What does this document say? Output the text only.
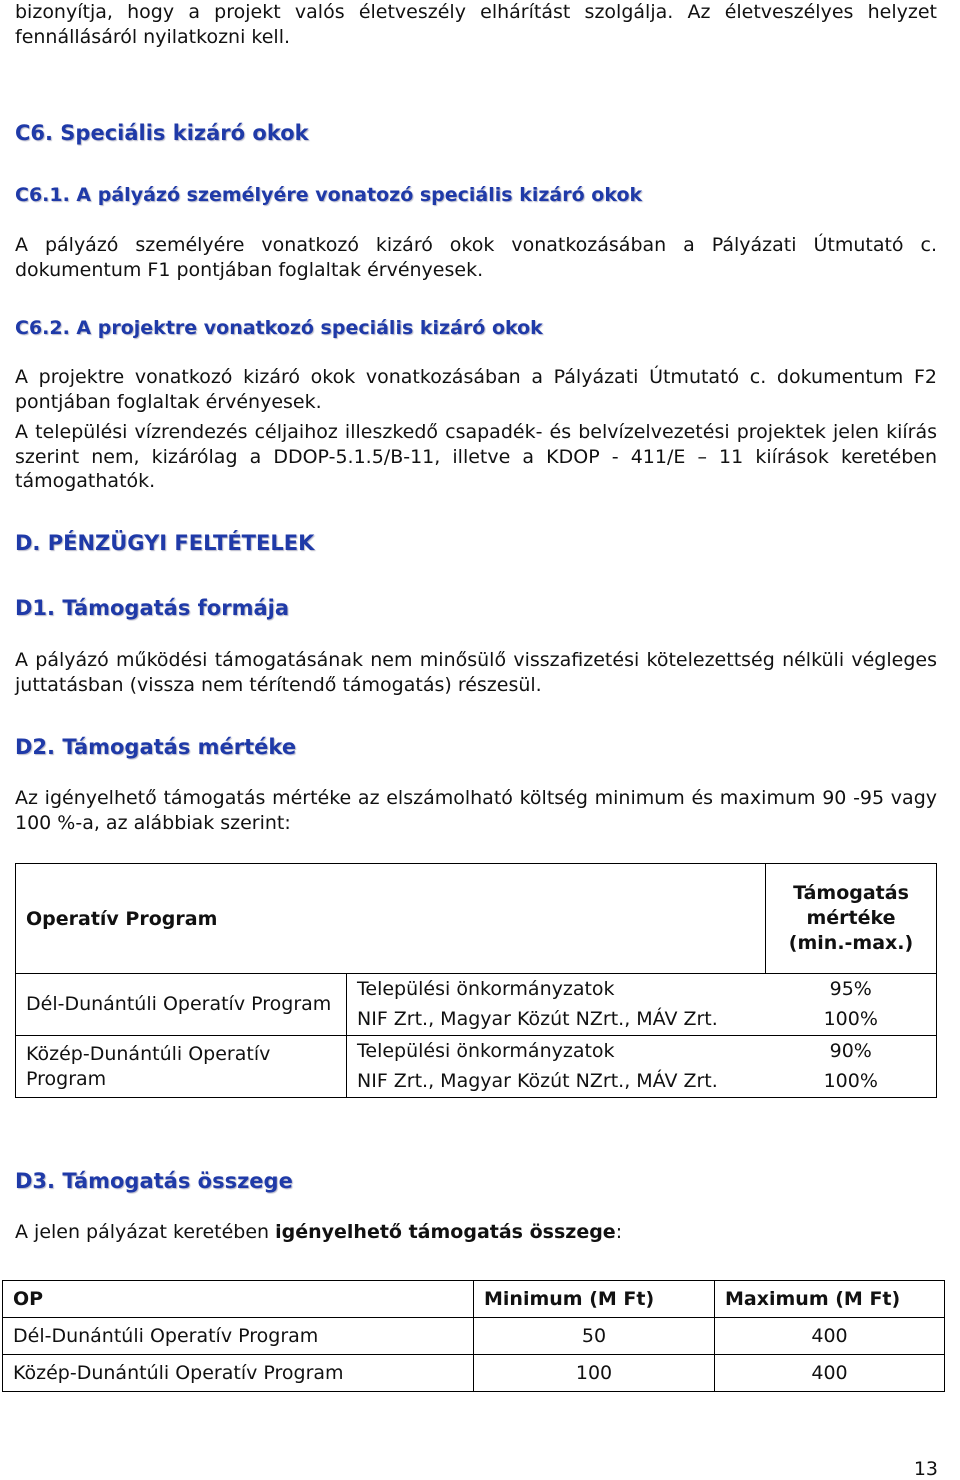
bizonyítja, hogy a projekt valós életveszély elhárítást szolgálja. Az életveszélyes helyzet fennállásáról nyilatkozni kell.

C6. Speciális kizáró okok
C6.1. A pályázó személyére vonatozó speciális kizáró okok

A pályázó személyére vonatkozó kizáró okok vonatkozásában a Pályázati Útmutató c. dokumentum F1 pontjában foglaltak érvényesek.

C6.2. A projektre vonatkozó speciális kizáró okok

A projektre vonatkozó kizáró okok vonatkozásában a Pályázati Útmutató c. dokumentum F2 pontjában foglaltak érvényesek.

A települési vízrendezés céljaihoz illeszkedő csapadék- és belvízelvezetési projektek jelen kiírás szerint nem, kizárólag a DDOP-5.1.5/B-11, illetve a KDOP - 411/E – 11 kiírások keretében támogathatók.

D. PÉNZÜGYI FELTÉTELEK
D1. Támogatás formája

A pályázó működési támogatásának nem minősülő visszafizetési kötelezettség nélküli végleges juttatásban (vissza nem térítendő támogatás) részesül.

D2. Támogatás mértéke

Az igényelhető támogatás mértéke az elszámolható költség minimum és maximum 90 -95 vagy 100 %-a, az alábbiak szerint:

Operatív Program		Támogatás mértéke (min.-max.)
Dél-Dunántúli Operatív Program	Települési önkormányzatok	95%
	NIF Zrt., Magyar Közút NZrt., MÁV Zrt.	100%
Közép-Dunántúli Operatív Program	Települési önkormányzatok	90%
	NIF Zrt., Magyar Közút NZrt., MÁV Zrt.	100%
D3. Támogatás összege

A jelen pályázat keretében igényelhető támogatás összege:

OP	Minimum (M Ft)	Maximum (M Ft)
Dél-Dunántúli Operatív Program	50	400
Közép-Dunántúli Operatív Program	100	400
13
